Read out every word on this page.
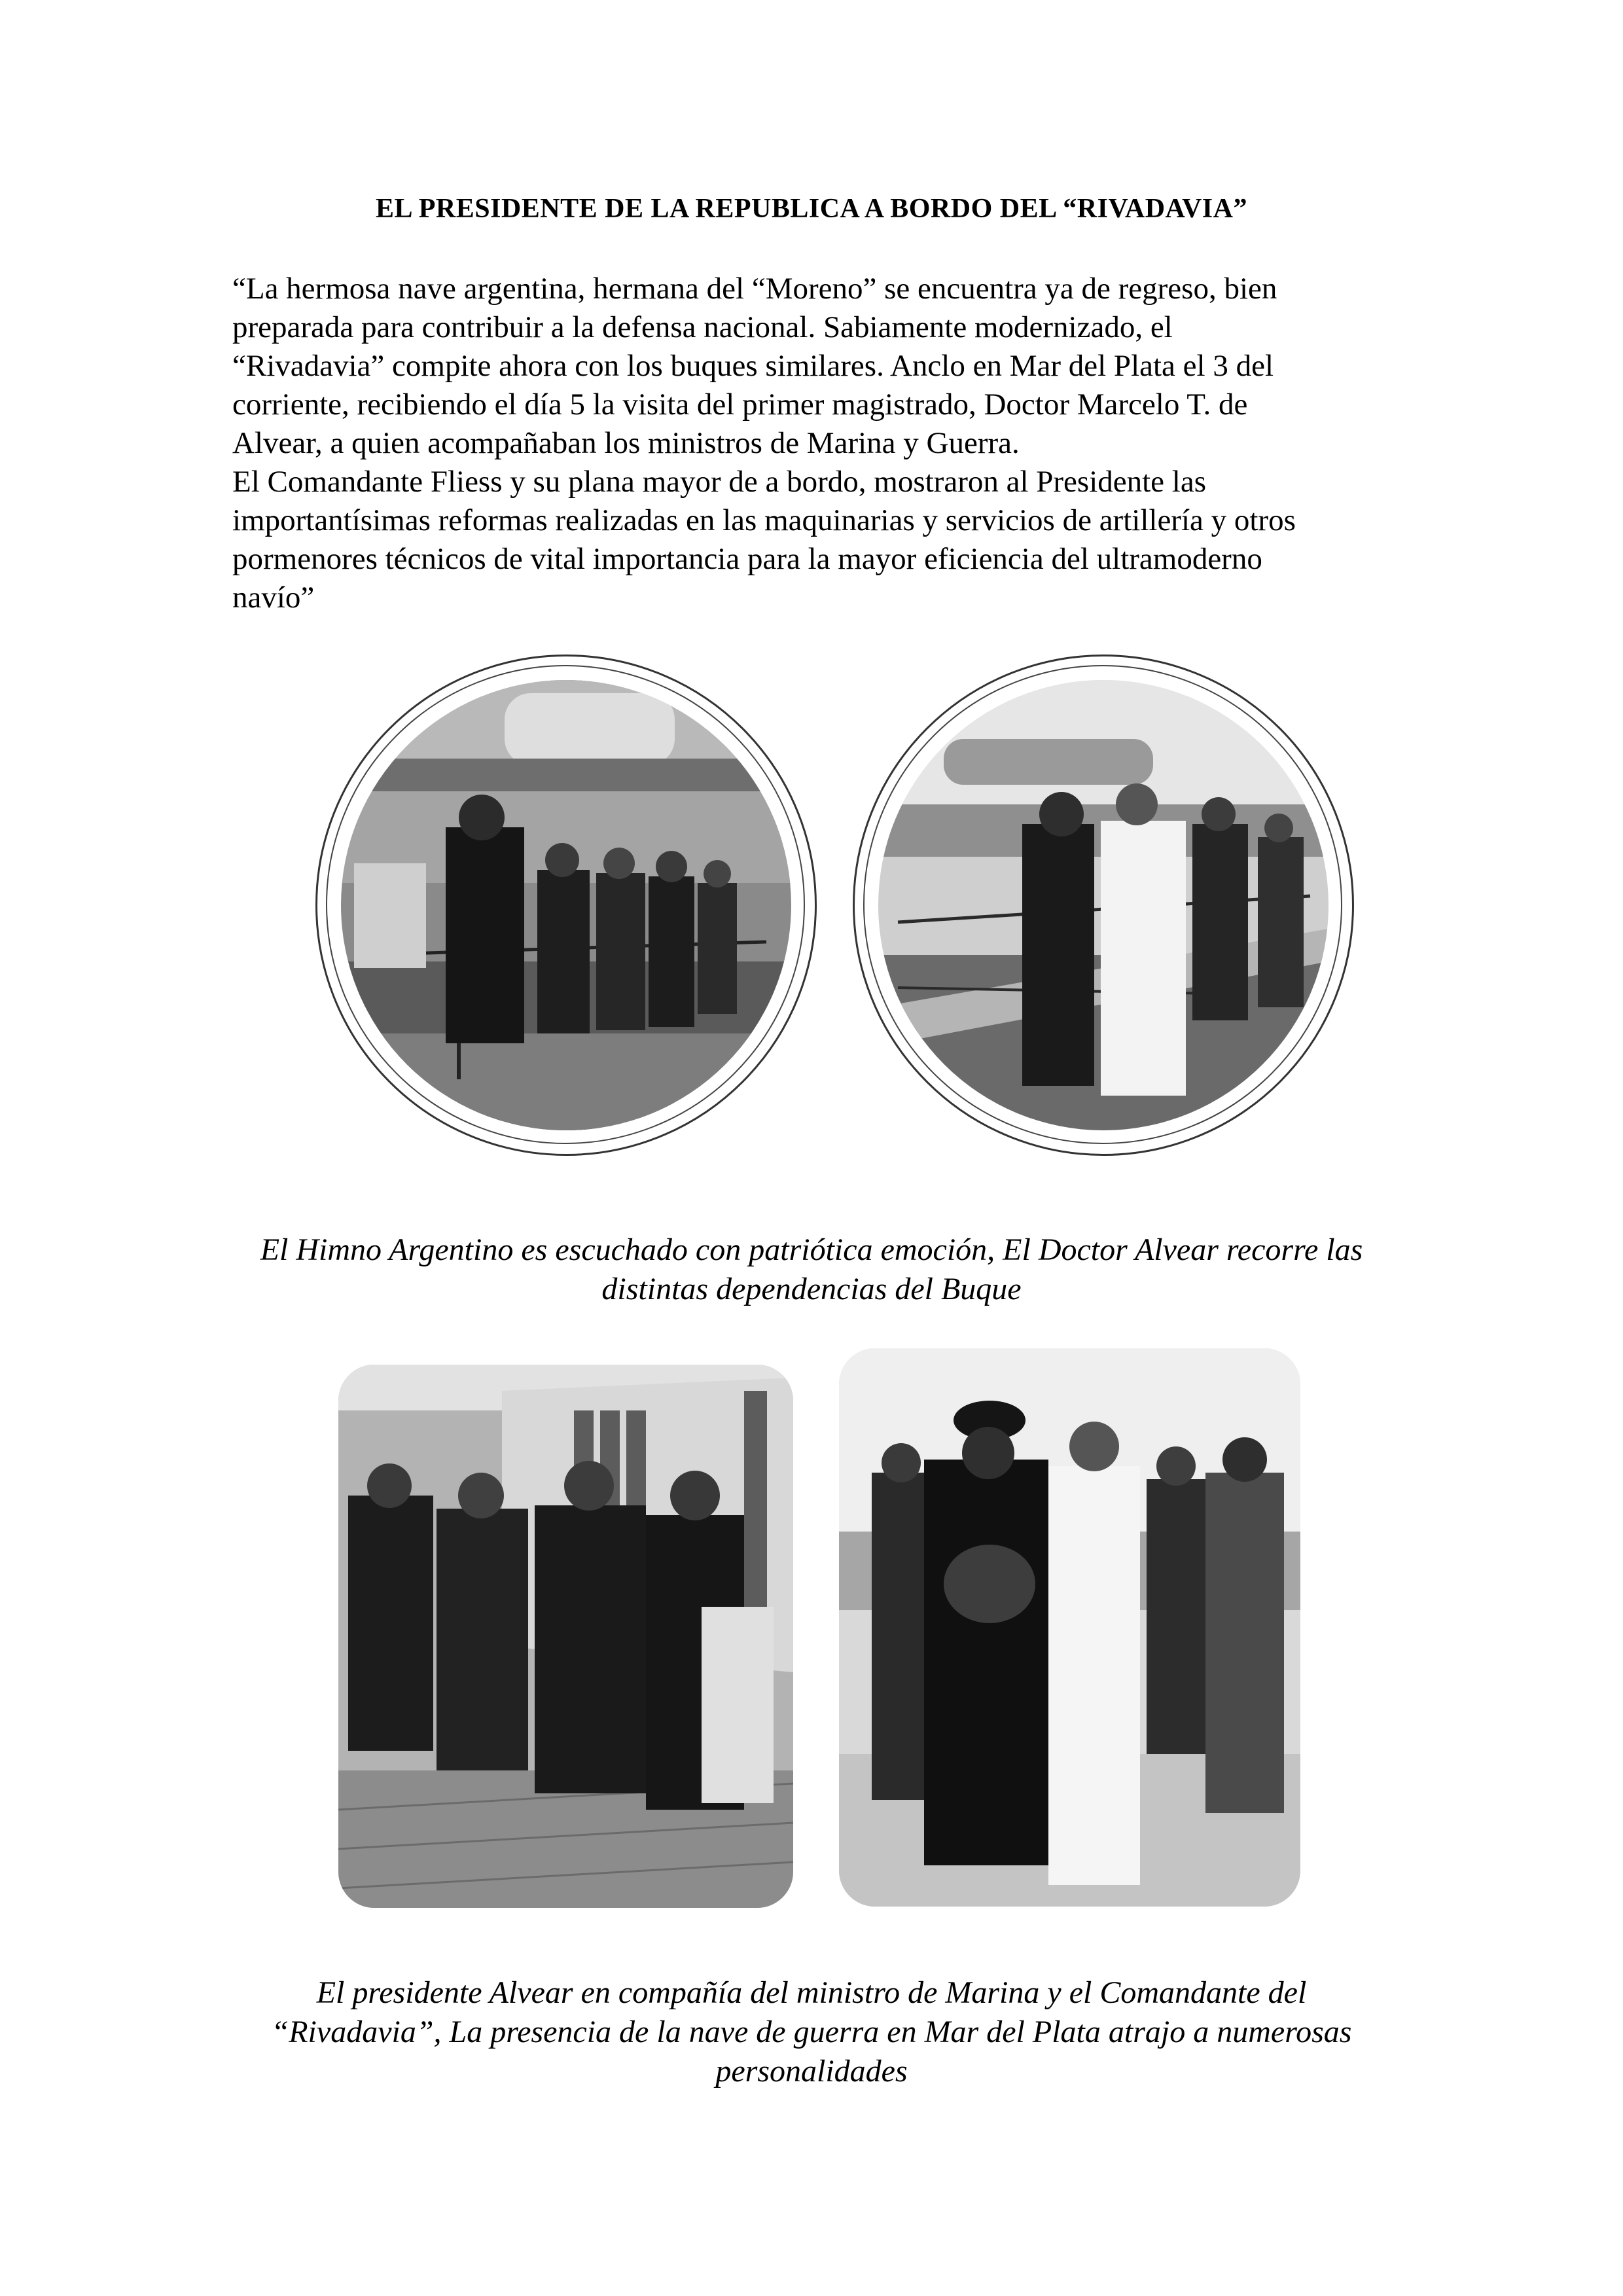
EL PRESIDENTE DE LA REPUBLICA A BORDO DEL “RIVADAVIA”

“La hermosa nave argentina, hermana del “Moreno” se encuentra ya de regreso, bien
preparada para contribuir a la defensa nacional. Sabiamente modernizado, el
“Rivadavia” compite ahora con los buques similares. Anclo en Mar del Plata el 3 del
corriente, recibiendo el día 5 la visita del primer magistrado, Doctor Marcelo T. de
Alvear, a quien acompañaban los ministros de Marina y Guerra.

El Comandante Fliess y su plana mayor de a bordo, mostraron al Presidente las
importantísimas reformas realizadas en las maquinarias y servicios de artillería y otros
pormenores técnicos de vital importancia para la mayor eficiencia del ultramoderno
navío”

El Himno Argentino es escuchado con patriótica emoción, El Doctor Alvear recorre las
distintas dependencias del Buque
El presidente Alvear en compañía del ministro de Marina y el Comandante del
“Rivadavia”, La presencia de la nave de guerra en Mar del Plata atrajo a numerosas
personalidades
